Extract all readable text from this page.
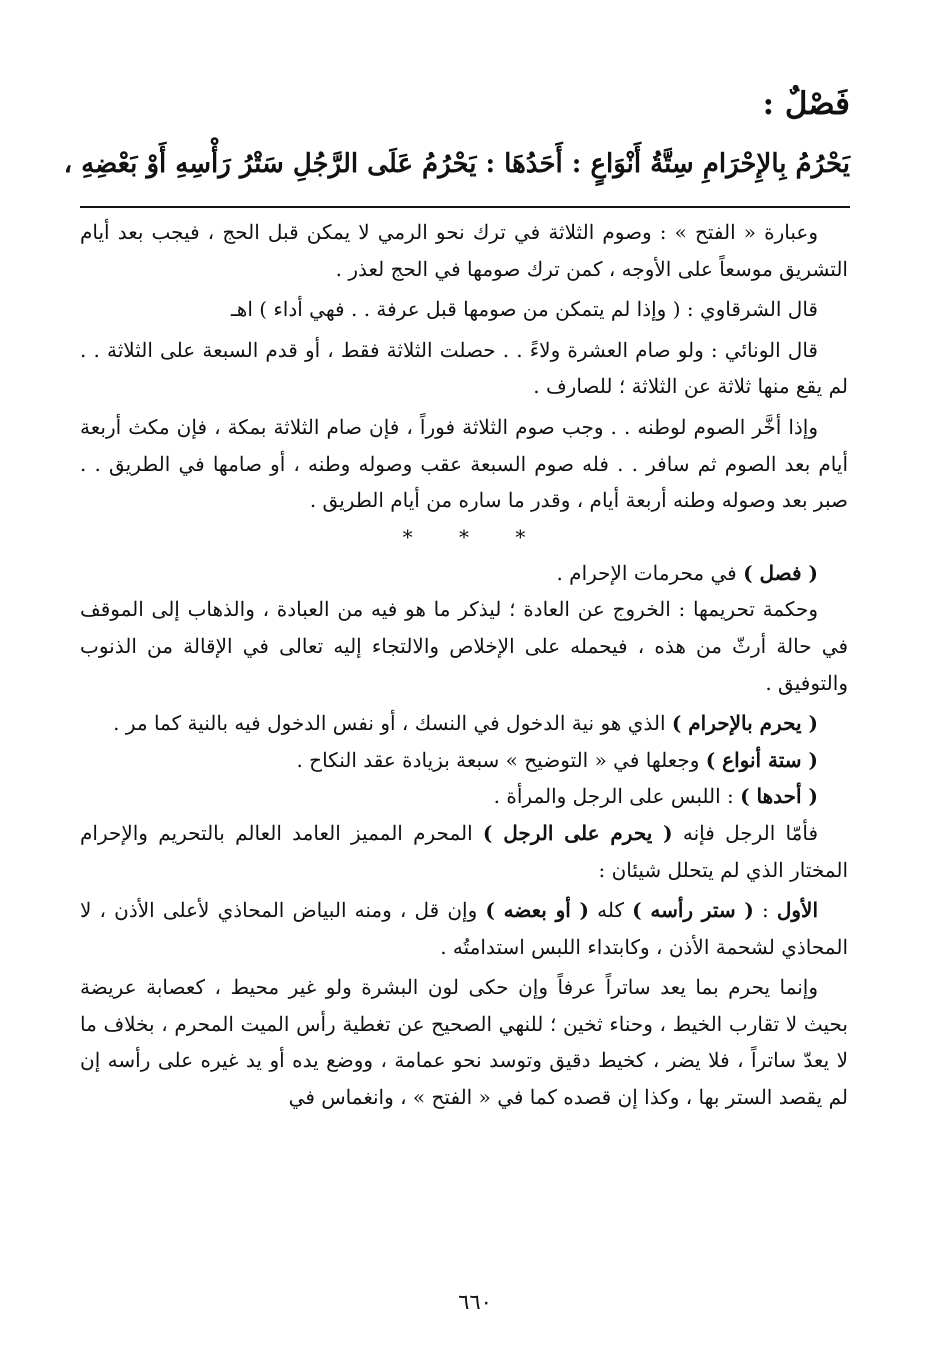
فَصْلٌ :
يَحْرُمُ بِالإِحْرَامِ سِتَّةُ أَنْوَاعٍ : أَحَدُهَا : يَحْرُمُ عَلَى الرَّجُلِ سَتْرُ رَأْسِهِ أَوْ بَعْضِهِ ،

وعبارة « الفتح » : وصوم الثلاثة في ترك نحو الرمي لا يمكن قبل الحج ، فيجب بعد أيام التشريق موسعاً على الأوجه ، كمن ترك صومها في الحج لعذر .

قال الشرقاوي : ( وإذا لم يتمكن من صومها قبل عرفة . . فهي أداء ) اهـ

قال الونائي : ولو صام العشرة ولاءً . . حصلت الثلاثة فقط ، أو قدم السبعة على الثلاثة . . لم يقع منها ثلاثة عن الثلاثة ؛ للصارف .

وإذا أخَّر الصوم لوطنه . . وجب صوم الثلاثة فوراً ، فإن صام الثلاثة بمكة ، فإن مكث أربعة أيام بعد الصوم ثم سافر . . فله صوم السبعة عقب وصوله وطنه ، أو صامها في الطريق . . صبر بعد وصوله وطنه أربعة أيام ، وقدر ما ساره من أيام الطريق .

* * *

( فصل ) في محرمات الإحرام .

وحكمة تحريمها : الخروج عن العادة ؛ ليذكر ما هو فيه من العبادة ، والذهاب إلى الموقف في حالة أرثّ من هذه ، فيحمله على الإخلاص والالتجاء إليه تعالى في الإقالة من الذنوب والتوفيق .

( يحرم بالإحرام ) الذي هو نية الدخول في النسك ، أو نفس الدخول فيه بالنية كما مر .

( ستة أنواع ) وجعلها في « التوضيح » سبعة بزيادة عقد النكاح .

( أحدها ) : اللبس على الرجل والمرأة .

فأمّا الرجل فإنه ( يحرم على الرجل ) المحرم المميز العامد العالم بالتحريم والإحرام المختار الذي لم يتحلل شيئان :

الأول : ( ستر رأسه ) كله ( أو بعضه ) وإن قل ، ومنه البياض المحاذي لأعلى الأذن ، لا المحاذي لشحمة الأذن ، وكابتداء اللبس استدامتُه .

وإنما يحرم بما يعد ساتراً عرفاً وإن حكى لون البشرة ولو غير محيط ، كعصابة عريضة بحيث لا تقارب الخيط ، وحناء ثخين ؛ للنهي الصحيح عن تغطية رأس الميت المحرم ، بخلاف ما لا يعدّ ساتراً ، فلا يضر ، كخيط دقيق وتوسد نحو عمامة ، ووضع يده أو يد غيره على رأسه إن لم يقصد الستر بها ، وكذا إن قصده كما في « الفتح » ، وانغماس في

٦٦٠
